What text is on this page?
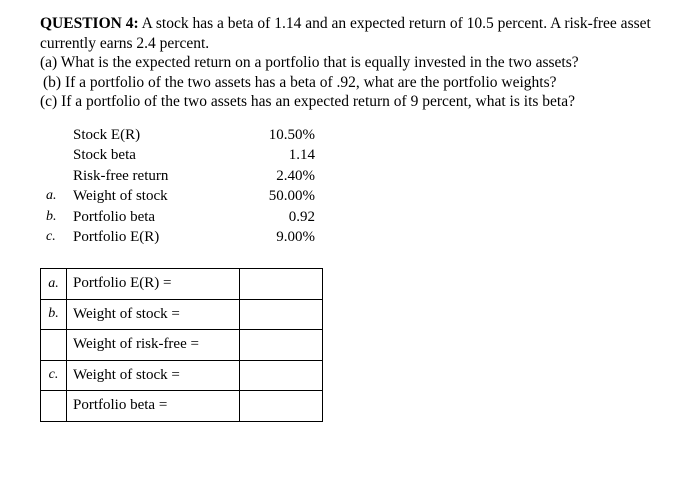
QUESTION 4: A stock has a beta of 1.14 and an expected return of 10.5 percent. A risk-free asset currently earns 2.4 percent.

(a) What is the expected return on a portfolio that is equally invested in the two assets?

(b) If a portfolio of the two assets has a beta of .92, what are the portfolio weights?

(c) If a portfolio of the two assets has an expected return of 9 percent, what is its beta?

Stock E(R)	10.50%
Stock beta	1.14
Risk-free return	2.40%
a. Weight of stock	50.00%
b. Portfolio beta	0.92
c. Portfolio E(R)	9.00%
a.	Portfolio E(R) =	
b.	Weight of stock =	
	Weight of risk-free =	
c.	Weight of stock =	
	Portfolio beta =	
